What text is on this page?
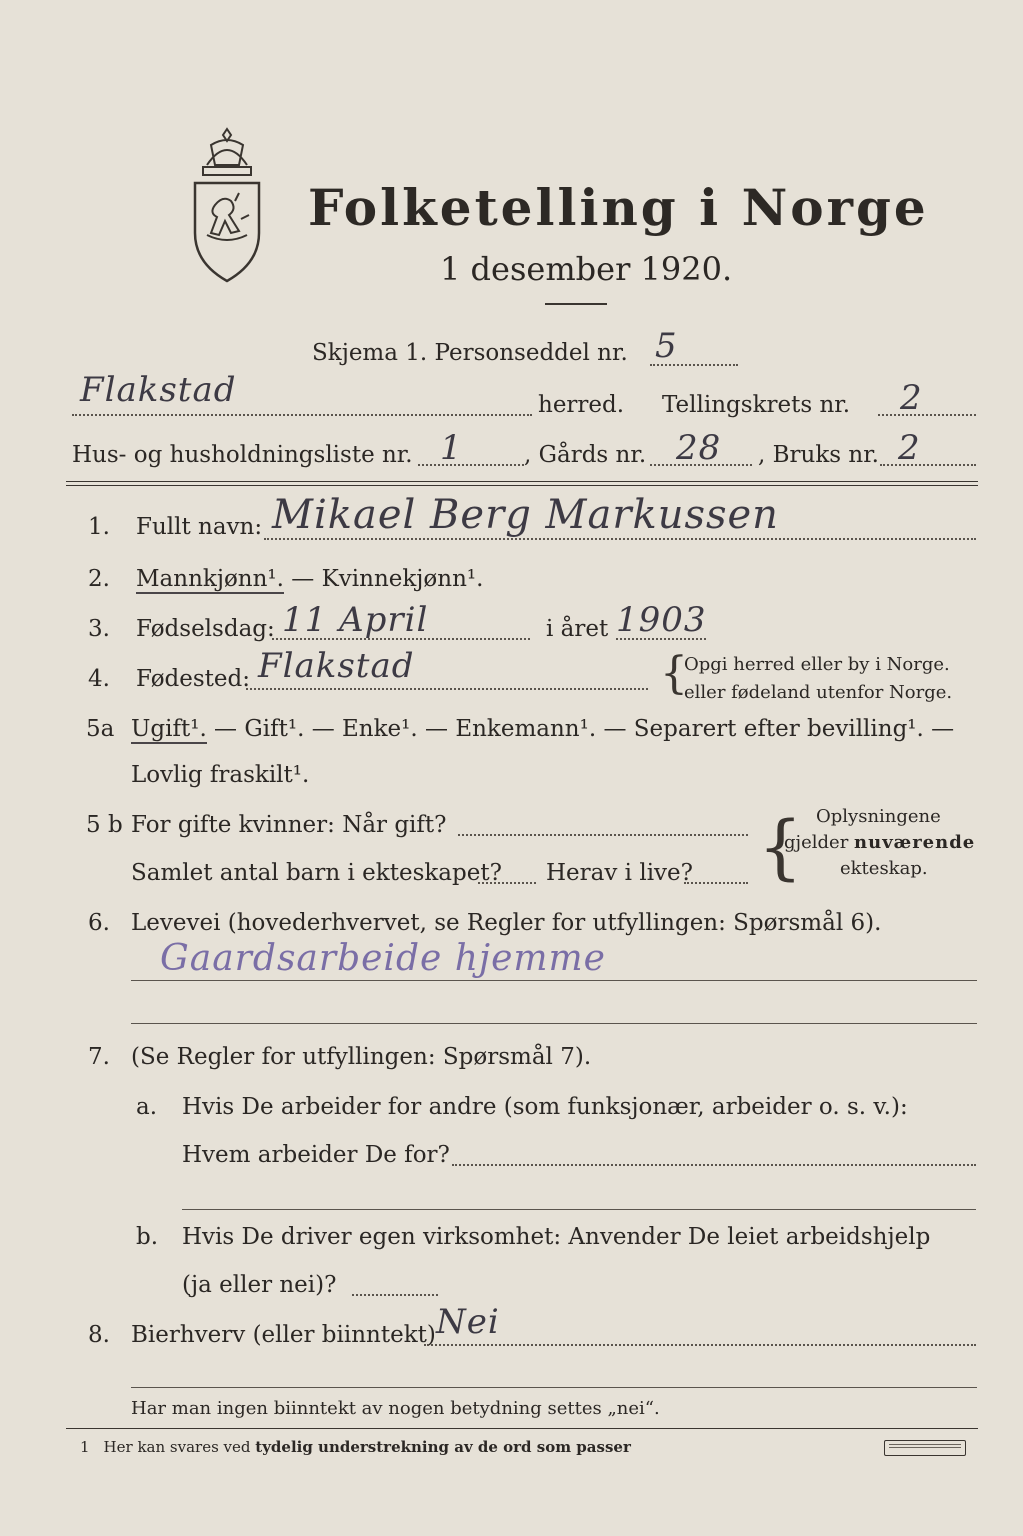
Folketelling i Norge
1 desember 1920.
Skjema 1. Personseddel nr. 5
Flakstad	herred. Tellingskrets nr. 2
Hus- og husholdningsliste nr. 1	, Gårds nr. 28 , Bruks nr. 2
1. Fullt navn: Mikael Berg Markussen
2. Mannkjønn¹. — Kvinnekjønn¹.
3. Fødselsdag: 11 April	i året 1903
4. Fødested: Flakstad	{
Opgi herred eller by i Norge.
eller fødeland utenfor Norge.
5a Ugift¹. — Gift¹. — Enke¹. — Enkemann¹. — Separert efter bevilling¹. —
Lovlig fraskilt¹.
5 b For gifte kvinner: Når gift?
Samlet antal barn i ekteskapet? Herav i live? { Oplysningene
gjelder nuværende
ekteskap.
6. Levevei (hovederhvervet, se Regler for utfyllingen: Spørsmål 6).
Gaardsarbeide hjemme
7. (Se Regler for utfyllingen: Spørsmål 7).
a. Hvis De arbeider for andre (som funksjonær, arbeider o. s. v.):
Hvem arbeider De for?
b. Hvis De driver egen virksomhet: Anvender De leiet arbeidshjelp
(ja eller nei)?
8. Bierhverv (eller biinntekt) Nei
Har man ingen biinntekt av nogen betydning settes „nei“.
1 Her kan svares ved tydelig understrekning av de ord som passer
